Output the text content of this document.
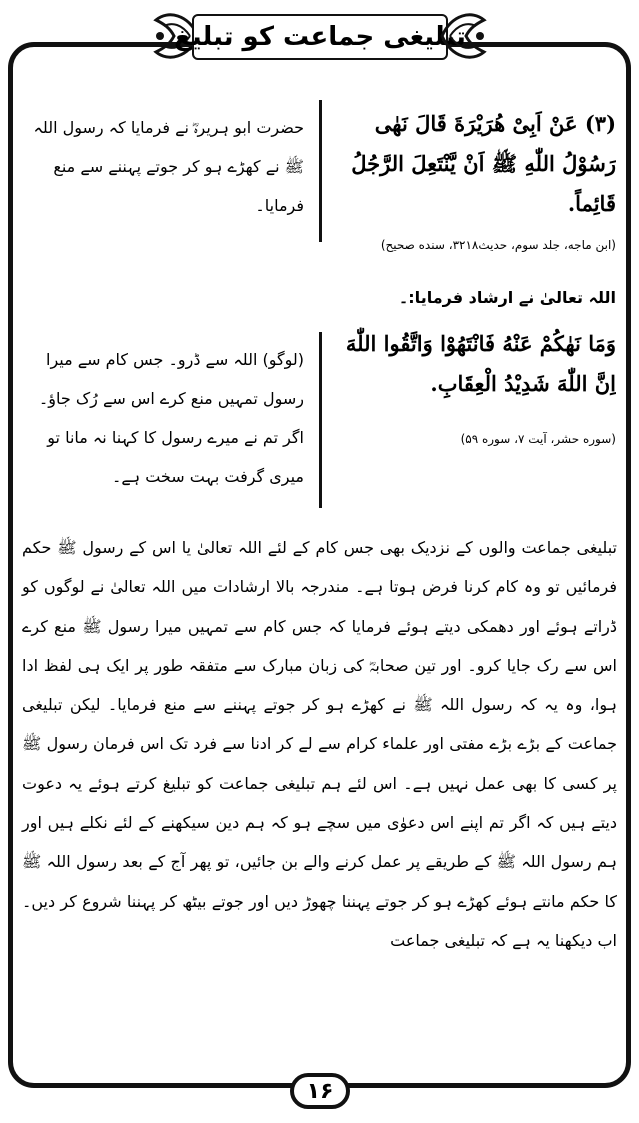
تبلیغی جماعت کو تبلیغ
(۳) عَنْ اَبِیْ هُرَیْرَةَ قَالَ نَهٰی رَسُوْلُ اللّٰهِ ﷺ اَنْ یَّنْتَعِلَ الرَّجُلُ قَائِماً.
(ابن ماجه، جلد سوم، حدیث۳۲۱۸، سنده صحیح)
حضرت ابو ہریرہؓ نے فرمایا کہ رسول اللہ ﷺ نے کھڑے ہو کر جوتے پہننے سے منع فرمایا۔
اللہ تعالیٰ نے ارشاد فرمایا:۔
وَمَا نَهٰکُمْ عَنْهُ فَانْتَهُوْا وَاتَّقُوا اللّٰهَ اِنَّ اللّٰهَ شَدِیْدُ الْعِقَابِ.
(سوره حشر، آیت ۷، سوره ۵۹)
(لوگو) اللہ سے ڈرو۔ جس کام سے میرا رسول تمہیں منع کرے اس سے رُک جاؤ۔ اگر تم نے میرے رسول کا کہنا نہ مانا تو میری گرفت بہت سخت ہے۔
تبلیغی جماعت والوں کے نزدیک بھی جس کام کے لئے اللہ تعالیٰ یا اس کے رسول ﷺ حکم فرمائیں تو وہ کام کرنا فرض ہوتا ہے۔ مندرجہ بالا ارشادات میں اللہ تعالیٰ نے لوگوں کو ڈراتے ہوئے اور دھمکی دیتے ہوئے فرمایا کہ جس کام سے تمہیں میرا رسول ﷺ منع کرے اس سے رک جایا کرو۔ اور تین صحابہؓ کی زبان مبارک سے متفقہ طور پر ایک ہی لفظ ادا ہوا، وہ یہ کہ رسول اللہ ﷺ نے کھڑے ہو کر جوتے پہننے سے منع فرمایا۔ لیکن تبلیغی جماعت کے بڑے بڑے مفتی اور علماء کرام سے لے کر ادنا سے فرد تک اس فرمان رسول ﷺ پر کسی کا بھی عمل نہیں ہے۔ اس لئے ہم تبلیغی جماعت کو تبلیغ کرتے ہوئے یہ دعوت دیتے ہیں کہ اگر تم اپنے اس دعوٰی میں سچے ہو کہ ہم دین سیکھنے کے لئے نکلے ہیں اور ہم رسول اللہ ﷺ کے طریقے پر عمل کرنے والے بن جائیں، تو پھر آج کے بعد رسول اللہ ﷺ کا حکم مانتے ہوئے کھڑے ہو کر جوتے پہننا چھوڑ دیں اور جوتے بیٹھ کر پہننا شروع کر دیں۔ اب دیکھنا یہ ہے کہ تبلیغی جماعت
۱۶
